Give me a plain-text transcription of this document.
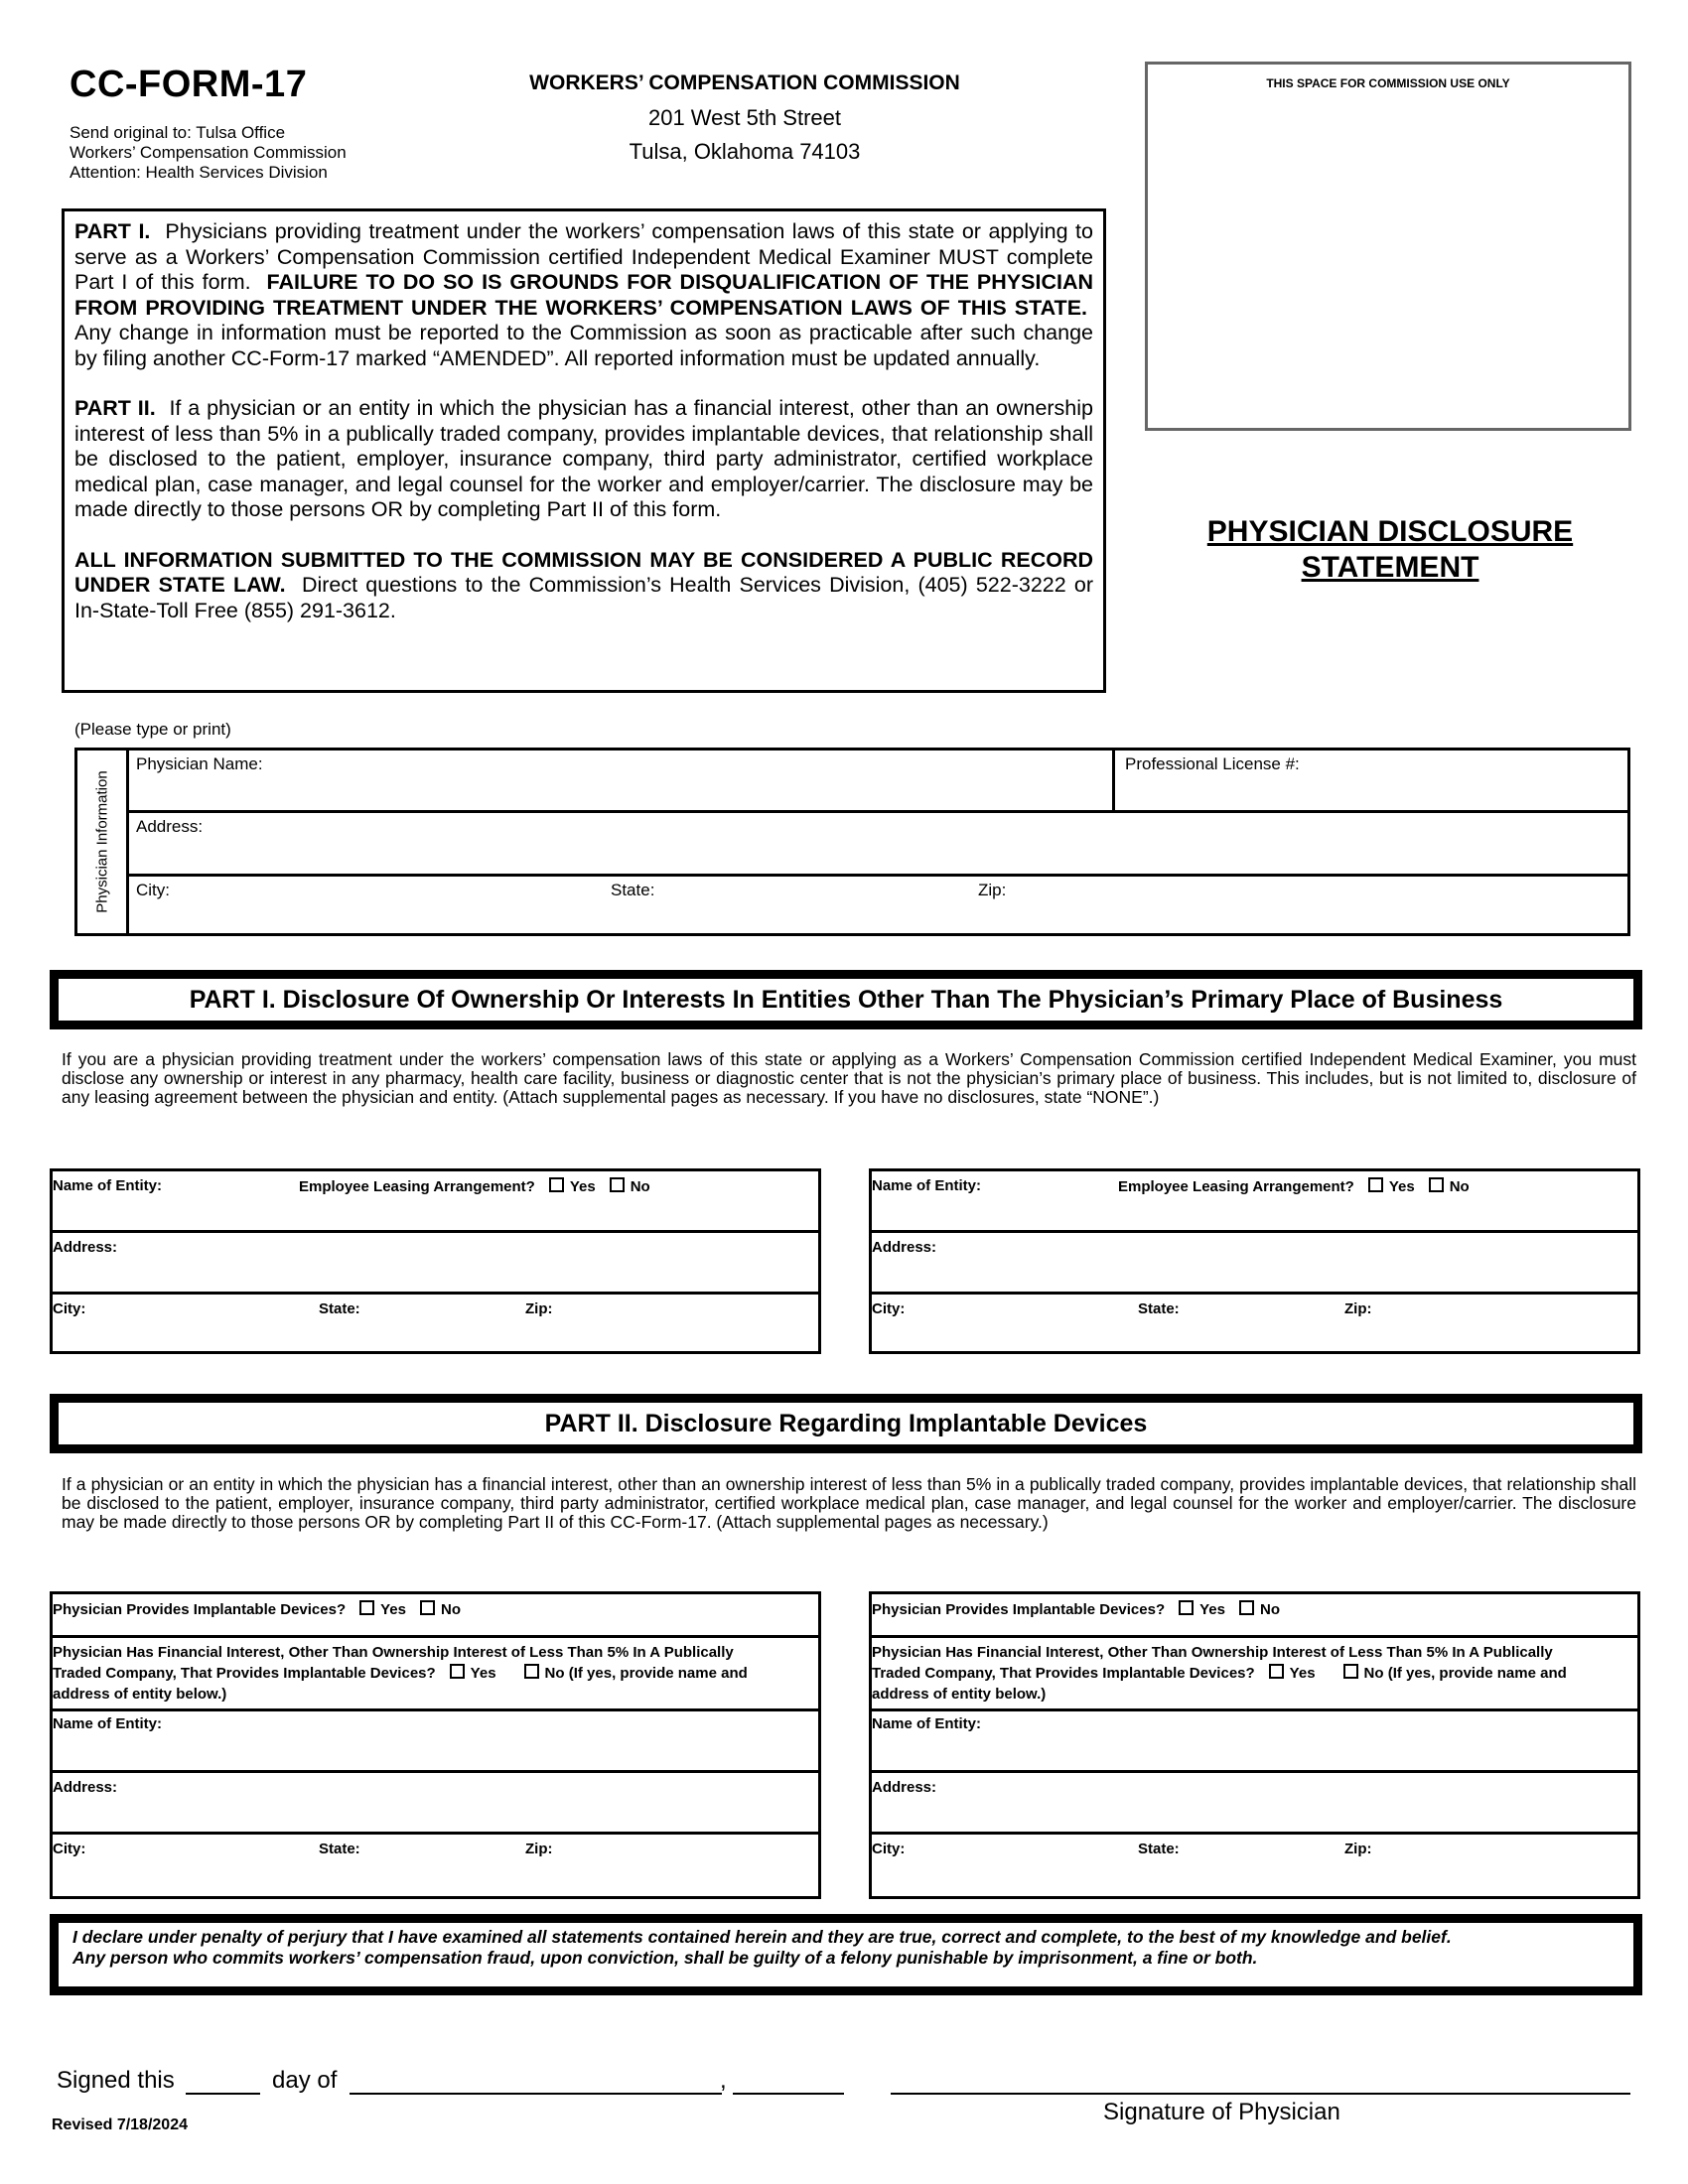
CC-FORM-17
Send original to: Tulsa Office
Workers’ Compensation Commission
Attention: Health Services Division
WORKERS’ COMPENSATION COMMISSION
201 West 5th Street
Tulsa, Oklahoma 74103
THIS SPACE FOR COMMISSION USE ONLY
PHYSICIAN DISCLOSURE
STATEMENT

PART I. Physicians providing treatment under the workers’ compensation laws of this state or applying to serve as a Workers’ Compensation Commission certified Independent Medical Examiner MUST complete Part I of this form. FAILURE TO DO SO IS GROUNDS FOR DISQUALIFICATION OF THE PHYSICIAN FROM PROVIDING TREATMENT UNDER THE WORKERS’ COMPENSATION LAWS OF THIS STATE.  Any change in information must be reported to the Commission as soon as practicable after such change by filing another CC-Form-17 marked “AMENDED”. All reported information must be updated annually.

PART II. If a physician or an entity in which the physician has a financial interest, other than an ownership interest of less than 5% in a publically traded company, provides implantable devices, that relationship shall be disclosed to the patient, employer, insurance company, third party administrator, certified workplace medical plan, case manager, and legal counsel for the worker and employer/carrier. The disclosure may be made directly to those persons OR by completing Part II of this form.

ALL INFORMATION SUBMITTED TO THE COMMISSION MAY BE CONSIDERED A PUBLIC RECORD UNDER STATE LAW. Direct questions to the Commission’s Health Services Division, (405) 522-3222 or In-State-Toll Free (855) 291-3612.

(Please type or print)
Physician Information
Physician Name:	Professional License #:
Address:
City:	State:	Zip:
PART I. Disclosure Of Ownership Or Interests In Entities Other Than The Physician’s Primary Place of Business
If you are a physician providing treatment under the workers’ compensation laws of this state or applying as a Workers’ Compensation Commission certified Independent Medical Examiner, you must disclose any ownership or interest in any pharmacy, health care facility, business or diagnostic center that is not the physician’s primary place of business. This includes, but is not limited to, disclosure of any leasing agreement between the physician and entity. (Attach supplemental pages as necessary. If you have no disclosures, state “NONE”.)
Name of Entity:	Employee Leasing Arrangement? Yes No
Address:
City:	State:	Zip:
Name of Entity:	Employee Leasing Arrangement? Yes No
Address:
City:	State:	Zip:
PART II. Disclosure Regarding Implantable Devices
If a physician or an entity in which the physician has a financial interest, other than an ownership interest of less than 5% in a publically traded company, provides implantable devices, that relationship shall be disclosed to the patient, employer, insurance company, third party administrator, certified workplace medical plan, case manager, and legal counsel for the worker and employer/carrier. The disclosure may be made directly to those persons OR by completing Part II of this CC-Form-17. (Attach supplemental pages as necessary.)
Physician Provides Implantable Devices? Yes No
Physician Has Financial Interest, Other Than Ownership Interest of Less Than 5% In A Publically
Traded Company, That Provides Implantable Devices? Yes	No (If yes, provide name and
address of entity below.)
Name of Entity:
Address:
City:	State:	Zip:
Physician Provides Implantable Devices? Yes No
Physician Has Financial Interest, Other Than Ownership Interest of Less Than 5% In A Publically
Traded Company, That Provides Implantable Devices? Yes	No (If yes, provide name and
address of entity below.)
Name of Entity:
Address:
City:	State:	Zip:
I declare under penalty of perjury that I have examined all statements contained herein and they are true, correct and complete, to the best of my knowledge and belief.
Any person who commits workers’ compensation fraud, upon conviction, shall be guilty of a felony punishable by imprisonment, a fine or both.
Signed this	day of	,
Signature of Physician
Revised 7/18/2024
